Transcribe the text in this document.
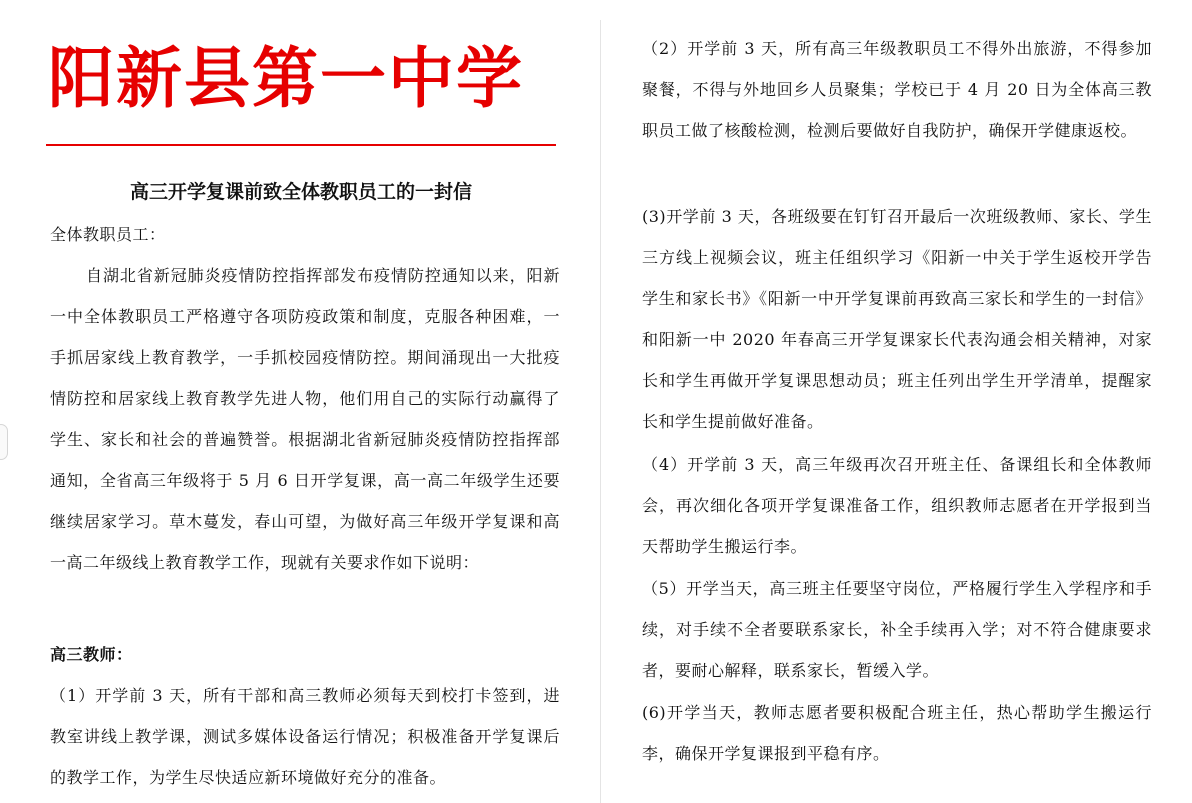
阳新县第一中学
高三开学复课前致全体教职员工的一封信
全体教职员工：
自湖北省新冠肺炎疫情防控指挥部发布疫情防控通知以来，阳新一中全体教职员工严格遵守各项防疫政策和制度，克服各种困难，一手抓居家线上教育教学，一手抓校园疫情防控。期间涌现出一大批疫情防控和居家线上教育教学先进人物，他们用自己的实际行动赢得了学生、家长和社会的普遍赞誉。根据湖北省新冠肺炎疫情防控指挥部通知，全省高三年级将于 5 月 6 日开学复课，高一高二年级学生还要继续居家学习。草木蔓发，春山可望，为做好高三年级开学复课和高一高二年级线上教育教学工作，现就有关要求作如下说明：
高三教师：
（1）开学前 3 天，所有干部和高三教师必须每天到校打卡签到，进教室讲线上教学课，测试多媒体设备运行情况；积极准备开学复课后的教学工作，为学生尽快适应新环境做好充分的准备。
（2）开学前 3 天，所有高三年级教职员工不得外出旅游，不得参加聚餐，不得与外地回乡人员聚集；学校已于 4 月 20 日为全体高三教职员工做了核酸检测，检测后要做好自我防护，确保开学健康返校。
(3)开学前 3 天，各班级要在钉钉召开最后一次班级教师、家长、学生三方线上视频会议，班主任组织学习《阳新一中关于学生返校开学告学生和家长书》《阳新一中开学复课前再致高三家长和学生的一封信》和阳新一中 2020 年春高三开学复课家长代表沟通会相关精神，对家长和学生再做开学复课思想动员；班主任列出学生开学清单，提醒家长和学生提前做好准备。
（4）开学前 3 天，高三年级再次召开班主任、备课组长和全体教师会，再次细化各项开学复课准备工作，组织教师志愿者在开学报到当天帮助学生搬运行李。
（5）开学当天，高三班主任要坚守岗位，严格履行学生入学程序和手续，对手续不全者要联系家长，补全手续再入学；对不符合健康要求者，要耐心解释，联系家长，暂缓入学。
(6)开学当天，教师志愿者要积极配合班主任，热心帮助学生搬运行李，确保开学复课报到平稳有序。
